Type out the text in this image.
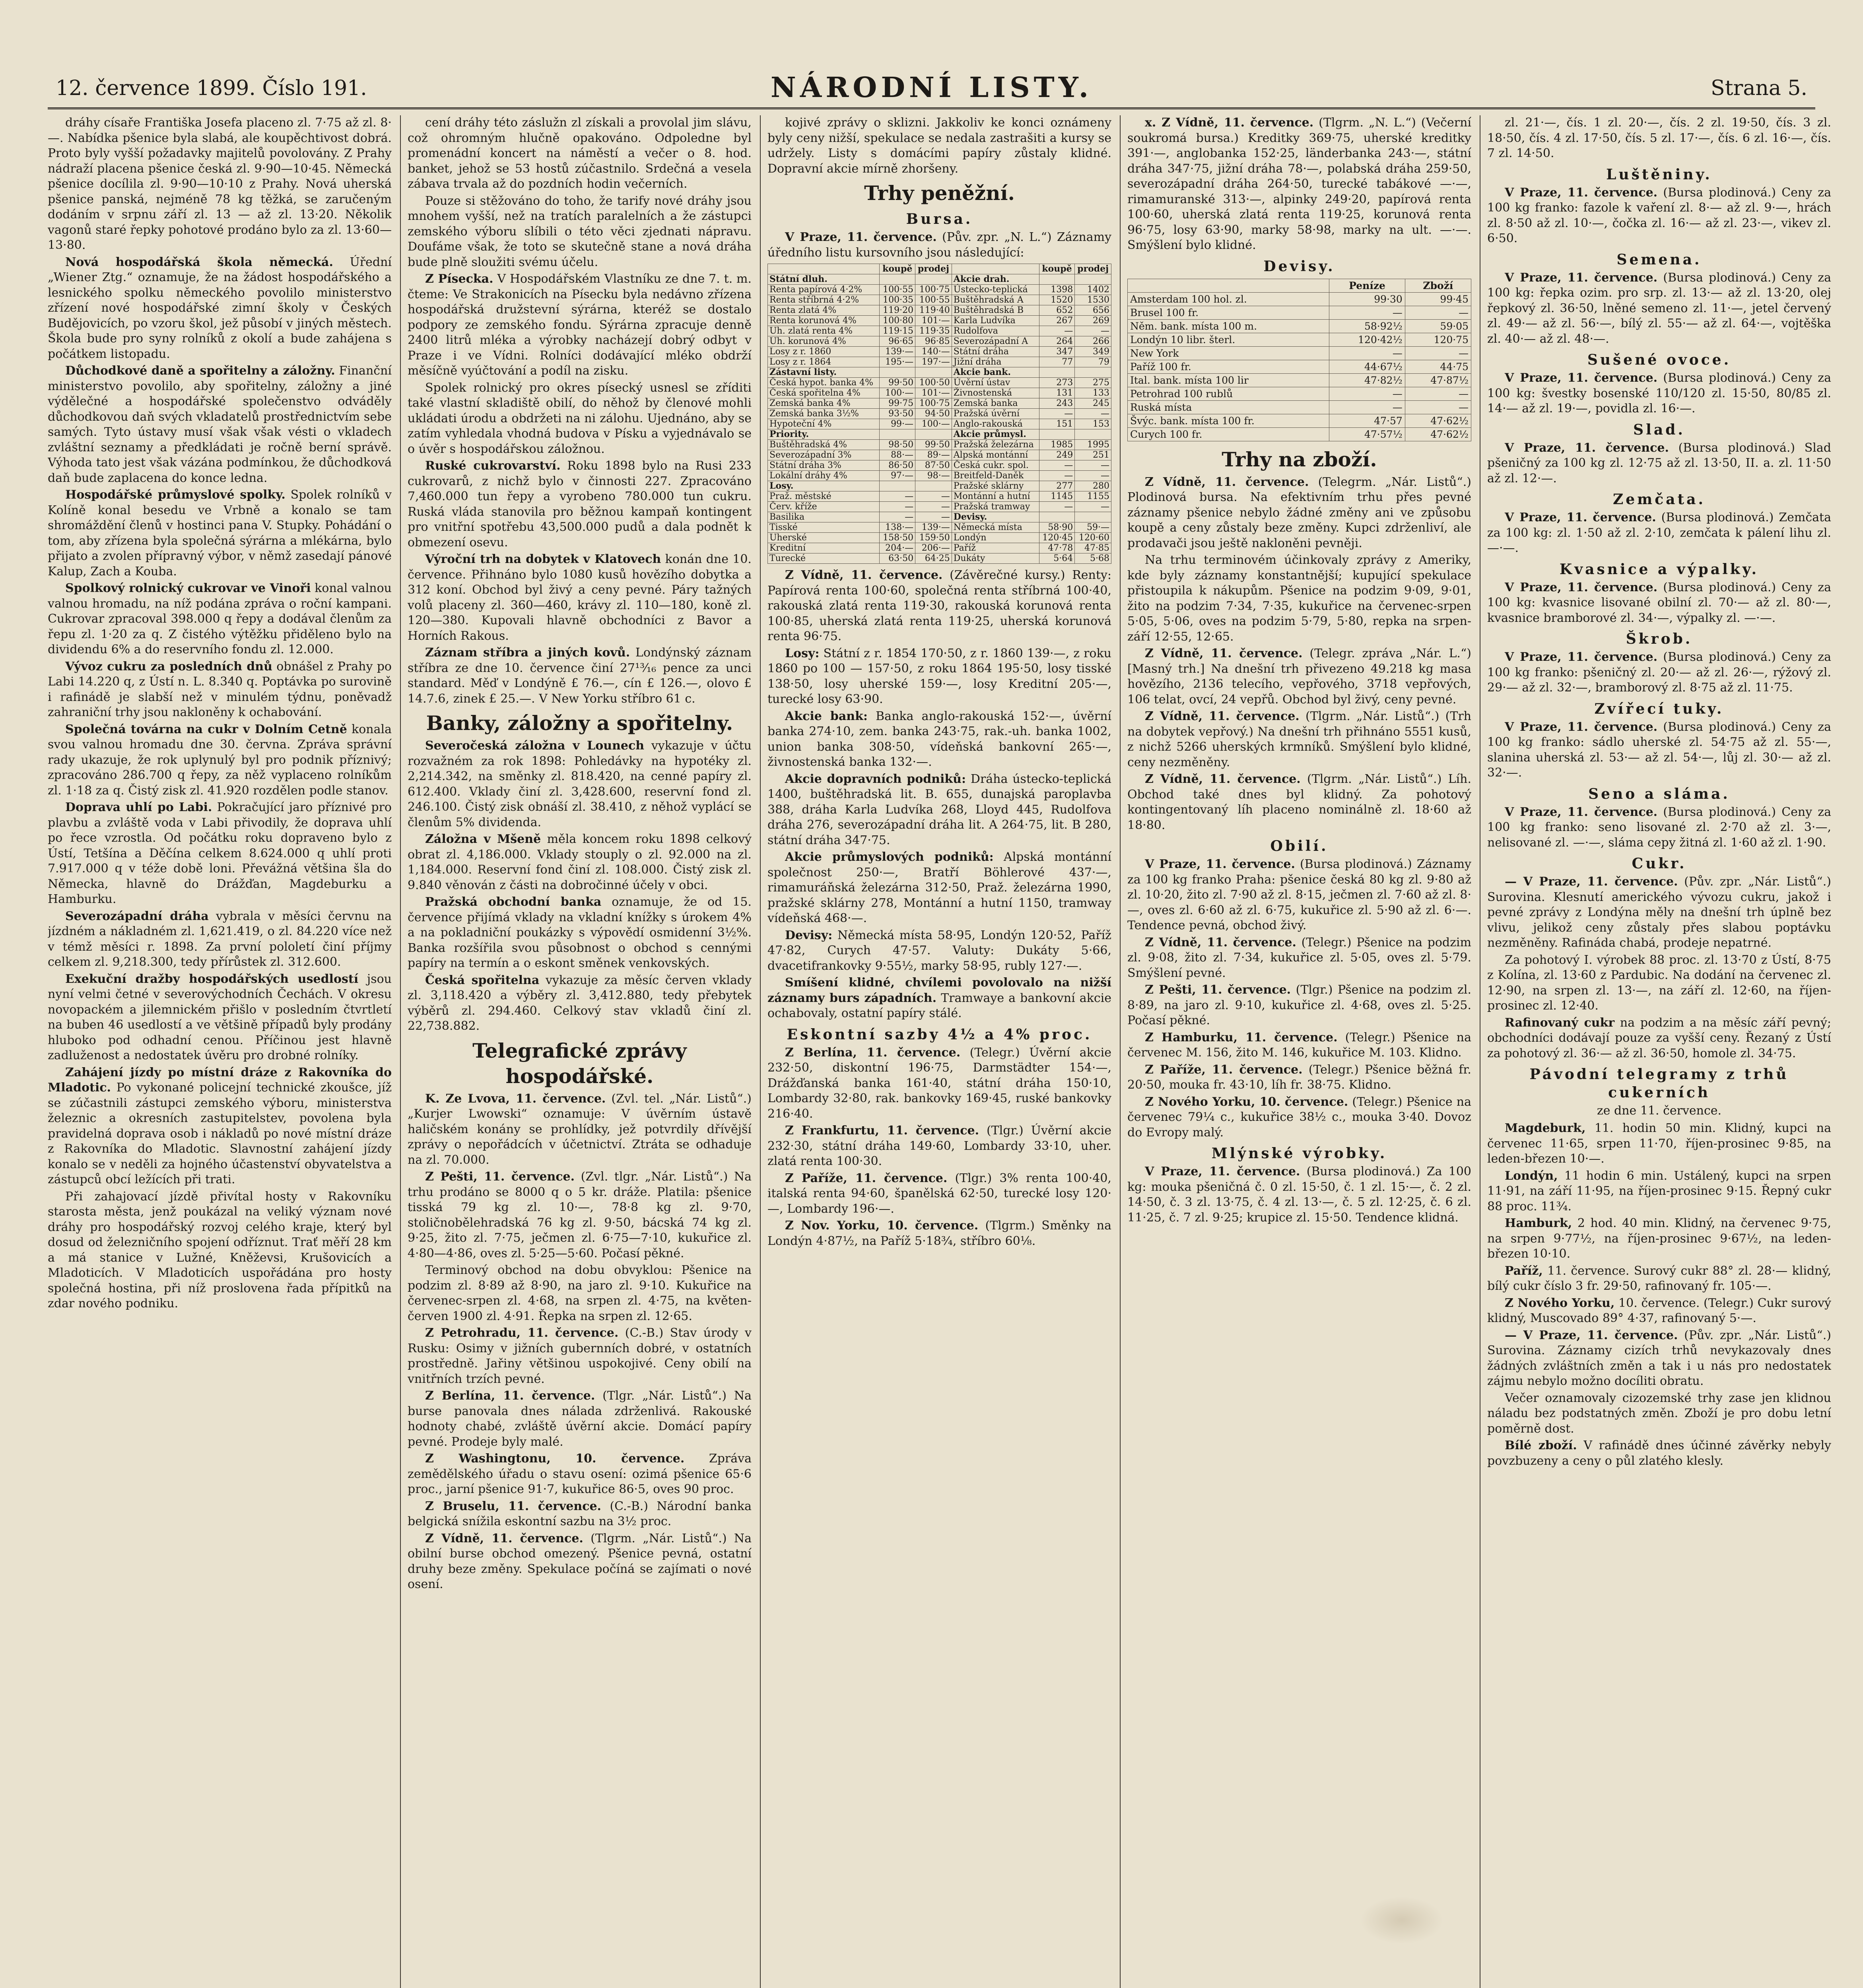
12. července 1899. Číslo 191.	NÁRODNÍ LISTY.	Strana 5.

dráhy císaře Františka Josefa placeno zl. 7·75 až zl. 8·—. Nabídka pšenice byla slabá, ale koupěchtivost dobrá. Proto byly vyšší požadavky majitelů povolovány. Z Prahy nádraží placena pšenice česká zl. 9·90—10·45. Německá pšenice docílila zl. 9·90—10·10 z Prahy. Nová uherská pšenice panská, nejméně 78 kg těžká, se zaručeným dodáním v srpnu září zl. 13 — až zl. 13·20. Několik vagonů staré řepky pohotové prodáno bylo za zl. 13·60—13·80.

Nová hospodářská škola německá. Úřední „Wiener Ztg.“ oznamuje, že na žádost hospodářského a lesnického spolku německého povolilo ministerstvo zřízení nové hospodářské zimní školy v Českých Budějovicích, po vzoru škol, jež působí v jiných městech. Škola bude pro syny rolníků z okolí a bude zahájena s počátkem listopadu.

Důchodkové daně a spořitelny a záložny. Finanční ministerstvo povolilo, aby spořitelny, záložny a jiné výdělečné a hospodářské společenstvo odváděly důchodkovou daň svých vkladatelů prostřednictvím sebe samých. Tyto ústavy musí však však vésti o vkladech zvláštní seznamy a předkládati je ročně berní správě. Výhoda tato jest však vázána podmínkou, že důchodková daň bude zaplacena do konce ledna.

Hospodářské průmyslové spolky. Spolek rolníků v Kolíně konal besedu ve Vrbně a konalo se tam shromáždění členů v hostinci pana V. Stupky. Pohádání o tom, aby zřízena byla společná sýrárna a mlékárna, bylo přijato a zvolen přípravný výbor, v němž zasedají pánové Kalup, Zach a Kouba.

Spolkový rolnický cukrovar ve Vinoři konal valnou valnou hromadu, na níž podána zpráva o roční kampani. Cukrovar zpracoval 398.000 q řepy a dodával členům za řepu zl. 1·20 za q. Z čistého výtěžku přiděleno bylo na dividendu 6% a do reservního fondu zl. 12.000.

Vývoz cukru za posledních dnů obnášel z Prahy po Labi 14.220 q, z Ústí n. L. 8.340 q. Poptávka po surovině i rafinádě je slabší než v minulém týdnu, poněvadž zahraniční trhy jsou nakloněny k ochabování.

Společná továrna na cukr v Dolním Cetně konala svou valnou hromadu dne 30. června. Zpráva správní rady ukazuje, že rok uplynulý byl pro podnik příznivý; zpracováno 286.700 q řepy, za něž vyplaceno rolníkům zl. 1·18 za q. Čistý zisk zl. 41.920 rozdělen podle stanov.

Doprava uhlí po Labi. Pokračující jaro příznivé pro plavbu a zvláště voda v Labi přivodily, že doprava uhlí po řece vzrostla. Od počátku roku dopraveno bylo z Ústí, Tetšína a Děčína celkem 8.624.000 q uhlí proti 7.917.000 q v téže době loni. Převážná většina šla do Německa, hlavně do Drážďan, Magdeburku a Hamburku.

Severozápadní dráha vybrala v měsíci červnu na jízdném a nákladném zl. 1,621.419, o zl. 84.220 více než v témž měsíci r. 1898. Za první pololetí činí příjmy celkem zl. 9,218.300, tedy přírůstek zl. 312.600.

Exekuční dražby hospodářských usedlostí jsou nyní velmi četné v severovýchodních Čechách. V okresu novopackém a jilemnickém přišlo v posledním čtvrtletí na buben 46 usedlostí a ve většině případů byly prodány hluboko pod odhadní cenou. Příčinou jest hlavně zadluženost a nedostatek úvěru pro drobné rolníky.

Zahájení jízdy po místní dráze z Rakovníka do Mladotic. Po vykonané policejní technické zkoušce, jíž se zúčastnili zástupci zemského výboru, ministerstva železnic a okresních zastupitelstev, povolena byla pravidelná doprava osob i nákladů po nové místní dráze z Rakovníka do Mladotic. Slavnostní zahájení jízdy konalo se v neděli za hojného účastenství obyvatelstva a zástupců obcí ležících při trati.

Při zahajovací jízdě přivítal hosty v Rakovníku starosta města, jenž poukázal na veliký význam nové dráhy pro hospodářský rozvoj celého kraje, který byl dosud od železničního spojení odříznut. Trať měří 28 km a má stanice v Lužné, Kněževsi, Krušovicích a Mladoticích. V Mladoticích uspořádána pro hosty společná hostina, při níž proslovena řada přípitků na zdar nového podniku.

cení dráhy této záslužn zl získali a provolal jim slávu, což ohromným hlučně opakováno. Odpoledne byl promenádní koncert na náměstí a večer o 8. hod. banket, jehož se 53 hostů zúčastnilo. Srdečná a vesela zábava trvala až do pozdních hodin večerních.

Pouze si stěžováno do toho, že tarify nové dráhy jsou mnohem vyšší, než na tratích paralelních a že zástupci zemského výboru slíbili o této věci zjednati nápravu. Doufáme však, že toto se skutečně stane a nová dráha bude plně sloužiti svému účelu.

Z Písecka. V Hospodářském Vlastníku ze dne 7. t. m. čteme: Ve Strakonicích na Písecku byla nedávno zřízena hospodářská družstevní sýrárna, kteréž se dostalo podpory ze zemského fondu. Sýrárna zpracuje denně 2400 litrů mléka a výrobky nacházejí dobrý odbyt v Praze i ve Vídni. Rolníci dodávající mléko obdrží měsíčně vyúčtování a podíl na zisku.

Spolek rolnický pro okres písecký usnesl se zříditi také vlastní skladiště obilí, do něhož by členové mohli ukládati úrodu a obdržeti na ni zálohu. Ujednáno, aby se zatím vyhledala vhodná budova v Písku a vyjednávalo se o úvěr s hospodářskou záložnou.

Ruské cukrovarství. Roku 1898 bylo na Rusi 233 cukrovarů, z nichž bylo v činnosti 227. Zpracováno 7,460.000 tun řepy a vyrobeno 780.000 tun cukru. Ruská vláda stanovila pro běžnou kampaň kontingent pro vnitřní spotřebu 43,500.000 pudů a dala podnět k obmezení osevu.

Výroční trh na dobytek v Klatovech konán dne 10. července. Přihnáno bylo 1080 kusů hovězího dobytka a 312 koní. Obchod byl živý a ceny pevné. Páry tažných volů placeny zl. 360—460, krávy zl. 110—180, koně zl. 120—380. Kupovali hlavně obchodníci z Bavor a Horních Rakous.

Záznam stříbra a jiných kovů. Londýnský záznam stříbra ze dne 10. července činí 27¹³⁄₁₆ pence za unci standard. Měď v Londýně £ 76.—, cín £ 126.—, olovo £ 14.7.6, zinek £ 25.—. V New Yorku stříbro 61 c.

Banky, záložny a spořitelny.

Severočeská záložna v Lounech vykazuje v účtu rozvažném za rok 1898: Pohledávky na hypotéky zl. 2,214.342, na směnky zl. 818.420, na cenné papíry zl. 612.400. Vklady činí zl. 3,428.600, reservní fond zl. 246.100. Čistý zisk obnáší zl. 38.410, z něhož vyplácí se členům 5% dividenda.

Záložna v Mšeně měla koncem roku 1898 celkový obrat zl. 4,186.000. Vklady stouply o zl. 92.000 na zl. 1,184.000. Reservní fond činí zl. 108.000. Čistý zisk zl. 9.840 věnován z části na dobročinné účely v obci.

Pražská obchodní banka oznamuje, že od 15. července přijímá vklady na vkladní knížky s úrokem 4% a na pokladniční poukázky s výpovědí osmidenní 3½%. Banka rozšířila svou působnost o obchod s cennými papíry na termín a o eskont směnek venkovských.

Česká spořitelna vykazuje za měsíc červen vklady zl. 3,118.420 a výběry zl. 3,412.880, tedy přebytek výběrů zl. 294.460. Celkový stav vkladů činí zl. 22,738.882.

Telegrafické zprávy hospodářské.

K. Ze Lvova, 11. července. (Zvl. tel. „Nár. Listů“.) „Kurjer Lwowski“ oznamuje: V úvěrním ústavě haličském konány se prohlídky, jež potvrdily dřívější zprávy o nepořádcích v účetnictví. Ztráta se odhaduje na zl. 70.000.

Z Pešti, 11. července. (Zvl. tlgr. „Nár. Listů“.) Na trhu prodáno se 8000 q o 5 kr. dráže. Platila: pšenice tisská 79 kg zl. 10·—, 78·8 kg zl. 9·70, stoličnobělehradská 76 kg zl. 9·50, bácská 74 kg zl. 9·25, žito zl. 7·75, ječmen zl. 6·75—7·10, kukuřice zl. 4·80—4·86, oves zl. 5·25—5·60. Počasí pěkné.

Terminový obchod na dobu obvyklou: Pšenice na podzim zl. 8·89 až 8·90, na jaro zl. 9·10. Kukuřice na červenec-srpen zl. 4·68, na srpen zl. 4·75, na květen-červen 1900 zl. 4·91. Řepka na srpen zl. 12·65.

Z Petrohradu, 11. července. (C.-B.) Stav úrody v Rusku: Osimy v jižních gubernních dobré, v ostatních prostředně. Jařiny většinou uspokojivé. Ceny obilí na vnitřních trzích pevné.

Z Berlína, 11. července. (Tlgr. „Nár. Listů“.) Na burse panovala dnes nálada zdrženlivá. Rakouské hodnoty chabé, zvláště úvěrní akcie. Domácí papíry pevné. Prodeje byly malé.

Z Washingtonu, 10. července. Zpráva zemědělského úřadu o stavu osení: ozimá pšenice 65·6 proc., jarní pšenice 91·7, kukuřice 86·5, oves 90 proc.

Z Bruselu, 11. července. (C.-B.) Národní banka belgická snížila eskontní sazbu na 3½ proc.

Z Vídně, 11. července. (Tlgrm. „Nár. Listů“.) Na obilní burse obchod omezený. Pšenice pevná, ostatní druhy beze změny. Spekulace počíná se zajímati o nové osení.

kojivé zprávy o sklizni. Jakkoliv ke konci oznámeny byly ceny nižší, spekulace se nedala zastrašiti a kursy se udržely. Listy s domácími papíry zůstaly klidné. Dopravní akcie mírně zhoršeny.

Trhy peněžní.
Bursa.

V Praze, 11. července. (Pův. zpr. „N. L.“) Záznamy úředního listu kursovního jsou následující:

	koupě	prodej		koupě	prodej
Státní dluh.			Akcie drah.		
Renta papírová 4·2%	100·55	100·75	Ústecko-teplická	1398	1402
Renta stříbrná 4·2%	100·35	100·55	Buštěhradská A	1520	1530
Renta zlatá 4%	119·20	119·40	Buštěhradská B	652	656
Renta korunová 4%	100·80	101·—	Karla Ludvíka	267	269
Uh. zlatá renta 4%	119·15	119·35	Rudolfova	—	—
Uh. korunová 4%	96·65	96·85	Severozápadní A	264	266
Losy z r. 1860	139·—	140·—	Státní dráha	347	349
Losy z r. 1864	195·—	197·—	Jižní dráha	77	79
Zástavní listy.			Akcie bank.		
Česká hypot. banka 4%	99·50	100·50	Úvěrní ústav	273	275
Česká spořitelna 4%	100·—	101·—	Živnostenská	131	133
Zemská banka 4%	99·75	100·75	Zemská banka	243	245
Zemská banka 3½%	93·50	94·50	Pražská úvěrní	—	—
Hypoteční 4%	99·—	100·—	Anglo-rakouská	151	153
Priority.			Akcie průmysl.		
Buštěhradská 4%	98·50	99·50	Pražská železárna	1985	1995
Severozápadní 3%	88·—	89·—	Alpská montánní	249	251
Státní dráha 3%	86·50	87·50	Česká cukr. spol.	—	—
Lokální dráhy 4%	97·—	98·—	Breitfeld-Daněk	—	—
Losy.			Pražské sklárny	277	280
Praž. městské	—	—	Montánní a hutní	1145	1155
Červ. kříže	—	—	Pražská tramway	—	—
Basilika	—	—	Devisy.		
Tisské	138·—	139·—	Německá místa	58·90	59·—
Uherské	158·50	159·50	Londýn	120·45	120·60
Kreditní	204·—	206·—	Paříž	47·78	47·85
Turecké	63·50	64·25	Dukáty	5·64	5·68

Z Vídně, 11. července. (Závěrečné kursy.) Renty: Papírová renta 100·60, společná renta stříbrná 100·40, rakouská zlatá renta 119·30, rakouská korunová renta 100·85, uherská zlatá renta 119·25, uherská korunová renta 96·75.

Losy: Státní z r. 1854 170·50, z r. 1860 139·—, z roku 1860 po 100 — 157·50, z roku 1864 195·50, losy tisské 138·50, losy uherské 159·—, losy Kreditní 205·—, turecké losy 63·90.

Akcie bank: Banka anglo-rakouská 152·—, úvěrní banka 274·10, zem. banka 243·75, rak.-uh. banka 1002, union banka 308·50, vídeňská bankovní 265·—, živnostenská banka 132·—.

Akcie dopravních podniků: Dráha ústecko-teplická 1400, buštěhradská lit. B. 655, dunajská paroplavba 388, dráha Karla Ludvíka 268, Lloyd 445, Rudolfova dráha 276, severozápadní dráha lit. A 264·75, lit. B 280, státní dráha 347·75.

Akcie průmyslových podniků: Alpská montánní společnost 250·—, Bratří Böhlerové 437·—, rimamuráňská železárna 312·50, Praž. železárna 1990, pražské sklárny 278, Montánní a hutní 1150, tramway vídeňská 468·—.

Devisy: Německá místa 58·95, Londýn 120·52, Paříž 47·82, Curych 47·57. Valuty: Dukáty 5·66, dvacetifrankovky 9·55½, marky 58·95, rubly 127·—.

Smíšení klidné, chvílemi povolovalo na nižší záznamy burs západních. Tramwaye a bankovní akcie ochabovaly, ostatní papíry stálé.

Eskontní sazby 4½ a 4% proc.

Z Berlína, 11. července. (Telegr.) Úvěrní akcie 232·50, diskontní 196·75, Darmstädter 154·—, Drážďanská banka 161·40, státní dráha 150·10, Lombardy 32·80, rak. bankovky 169·45, ruské bankovky 216·40.

Z Frankfurtu, 11. července. (Tlgr.) Úvěrní akcie 232·30, státní dráha 149·60, Lombardy 33·10, uher. zlatá renta 100·30.

Z Paříže, 11. července. (Tlgr.) 3% renta 100·40, italská renta 94·60, španělská 62·50, turecké losy 120·—, Lombardy 196·—.

Z Nov. Yorku, 10. července. (Tlgrm.) Směnky na Londýn 4·87½, na Paříž 5·18¾, stříbro 60⅛.

x. Z Vídně, 11. července. (Tlgrm. „N. L.“) (Večerní soukromá bursa.) Kreditky 369·75, uherské kreditky 391·—, anglobanka 152·25, länderbanka 243·—, státní dráha 347·75, jižní dráha 78·—, polabská dráha 259·50, severozápadní dráha 264·50, turecké tabákové —·—, rimamuranské 313·—, alpinky 249·20, papírová renta 100·60, uherská zlatá renta 119·25, korunová renta 96·75, losy 63·90, marky 58·98, marky na ult. —·—. Smýšlení bylo klidné.

Devisy.
	Peníze	Zboží
Amsterdam 100 hol. zl.	99·30	99·45
Brusel 100 fr.	—	—
Něm. bank. místa 100 m.	58·92½	59·05
Londýn 10 libr. šterl.	120·42½	120·75
New York	—	—
Paříž 100 fr.	44·67½	44·75
Ital. bank. místa 100 lir	47·82½	47·87½
Petrohrad 100 rublů	—	—
Ruská místa	—	—
Švýc. bank. místa 100 fr.	47·57	47·62½
Curych 100 fr.	47·57½	47·62½
Trhy na zboží.

Z Vídně, 11. července. (Telegrm. „Nár. Listů“.) Plodinová bursa. Na efektivním trhu přes pevné záznamy pšenice nebylo žádné změny ani ve způsobu koupě a ceny zůstaly beze změny. Kupci zdrženliví, ale prodavači jsou ještě nakloněni pevněji.

Na trhu terminovém účinkovaly zprávy z Ameriky, kde byly záznamy konstantnější; kupující spekulace přistoupila k nákupům. Pšenice na podzim 9·09, 9·01, žito na podzim 7·34, 7·35, kukuřice na červenec-srpen 5·05, 5·06, oves na podzim 5·79, 5·80, repka na srpen-září 12·55, 12·65.

Z Vídně, 11. července. (Telegr. zpráva „Nár. L.“) [Masný trh.] Na dnešní trh přivezeno 49.218 kg masa hovězího, 2136 telecího, vepřového, 3718 vepřových, 106 telat, ovcí, 24 vepřů. Obchod byl živý, ceny pevné.

Z Vídně, 11. července. (Tlgrm. „Nár. Listů“.) (Trh na dobytek vepřový.) Na dnešní trh přihnáno 5551 kusů, z nichž 5266 uherských krmníků. Smýšlení bylo klidné, ceny nezměněny.

Z Vídně, 11. července. (Tlgrm. „Nár. Listů“.) Líh. Obchod také dnes byl klidný. Za pohotový kontingentovaný líh placeno nominálně zl. 18·60 až 18·80.

Obilí.

V Praze, 11. července. (Bursa plodinová.) Záznamy za 100 kg franko Praha: pšenice česká 80 kg zl. 9·80 až zl. 10·20, žito zl. 7·90 až zl. 8·15, ječmen zl. 7·60 až zl. 8·—, oves zl. 6·60 až zl. 6·75, kukuřice zl. 5·90 až zl. 6·—. Tendence pevná, obchod živý.

Z Vídně, 11. července. (Telegr.) Pšenice na podzim zl. 9·08, žito zl. 7·34, kukuřice zl. 5·05, oves zl. 5·79. Smýšlení pevné.

Z Pešti, 11. července. (Tlgr.) Pšenice na podzim zl. 8·89, na jaro zl. 9·10, kukuřice zl. 4·68, oves zl. 5·25. Počasí pěkné.

Z Hamburku, 11. července. (Telegr.) Pšenice na červenec M. 156, žito M. 146, kukuřice M. 103. Klidno.

Z Paříže, 11. července. (Telegr.) Pšenice běžná fr. 20·50, mouka fr. 43·10, líh fr. 38·75. Klidno.

Z Nového Yorku, 10. července. (Telegr.) Pšenice na červenec 79¼ c., kukuřice 38½ c., mouka 3·40. Dovoz do Evropy malý.

Mlýnské výrobky.

V Praze, 11. července. (Bursa plodinová.) Za 100 kg: mouka pšeničná č. 0 zl. 15·50, č. 1 zl. 15·—, č. 2 zl. 14·50, č. 3 zl. 13·75, č. 4 zl. 13·—, č. 5 zl. 12·25, č. 6 zl. 11·25, č. 7 zl. 9·25; krupice zl. 15·50. Tendence klidná.

zl. 21·—, čís. 1 zl. 20·—, čís. 2 zl. 19·50, čís. 3 zl. 18·50, čís. 4 zl. 17·50, čís. 5 zl. 17·—, čís. 6 zl. 16·—, čís. 7 zl. 14·50.

Luštěniny.

V Praze, 11. července. (Bursa plodinová.) Ceny za 100 kg franko: fazole k vaření zl. 8·— až zl. 9·—, hrách zl. 8·50 až zl. 10·—, čočka zl. 16·— až zl. 23·—, vikev zl. 6·50.

Semena.

V Praze, 11. července. (Bursa plodinová.) Ceny za 100 kg: řepka ozim. pro srp. zl. 13·— až zl. 13·20, olej řepkový zl. 36·50, lněné semeno zl. 11·—, jetel červený zl. 49·— až zl. 56·—, bílý zl. 55·— až zl. 64·—, vojtěška zl. 40·— až zl. 48·—.

Sušené ovoce.

V Praze, 11. července. (Bursa plodinová.) Ceny za 100 kg: švestky bosenské 110/120 zl. 15·50, 80/85 zl. 14·— až zl. 19·—, povidla zl. 16·—.

Slad.

V Praze, 11. července. (Bursa plodinová.) Slad pšeničný za 100 kg zl. 12·75 až zl. 13·50, II. a. zl. 11·50 až zl. 12·—.

Zemčata.

V Praze, 11. července. (Bursa plodinová.) Zemčata za 100 kg: zl. 1·50 až zl. 2·10, zemčata k pálení lihu zl. —·—.

Kvasnice a výpalky.

V Praze, 11. července. (Bursa plodinová.) Ceny za 100 kg: kvasnice lisované obilní zl. 70·— až zl. 80·—, kvasnice bramborové zl. 34·—, výpalky zl. —·—.

Škrob.

V Praze, 11. července. (Bursa plodinová.) Ceny za 100 kg franko: pšeničný zl. 20·— až zl. 26·—, rýžový zl. 29·— až zl. 32·—, bramborový zl. 8·75 až zl. 11·75.

Zvířecí tuky.

V Praze, 11. července. (Bursa plodinová.) Ceny za 100 kg franko: sádlo uherské zl. 54·75 až zl. 55·—, slanina uherská zl. 53·— až zl. 54·—, lůj zl. 30·— až zl. 32·—.

Seno a sláma.

V Praze, 11. července. (Bursa plodinová.) Ceny za 100 kg franko: seno lisované zl. 2·70 až zl. 3·—, nelisované zl. —·—, sláma cepy žitná zl. 1·60 až zl. 1·90.

Cukr.

— V Praze, 11. července. (Pův. zpr. „Nár. Listů“.) Surovina. Klesnutí amerického vývozu cukru, jakož i pevné zprávy z Londýna měly na dnešní trh úplně bez vlivu, jelikož ceny zůstaly přes slabou poptávku nezměněny. Rafináda chabá, prodeje nepatrné.

Za pohotový I. výrobek 88 proc. zl. 13·70 z Ústí, 8·75 z Kolína, zl. 13·60 z Pardubic. Na dodání na červenec zl. 12·90, na srpen zl. 13·—, na září zl. 12·60, na říjen-prosinec zl. 12·40.

Rafinovaný cukr na podzim a na měsíc září pevný; obchodníci dodávají pouze za vyšší ceny. Řezaný z Ústí za pohotový zl. 36·— až zl. 36·50, homole zl. 34·75.

Pávodní telegramy z trhů cukerních
ze dne 11. července.

Magdeburk, 11. hodin 50 min. Klidný, kupci na červenec 11·65, srpen 11·70, říjen-prosinec 9·85, na leden-březen 10·—.

Londýn, 11 hodin 6 min. Ustálený, kupci na srpen 11·91, na září 11·95, na říjen-prosinec 9·15. Řepný cukr 88 proc. 11¾.

Hamburk, 2 hod. 40 min. Klidný, na červenec 9·75, na srpen 9·77½, na říjen-prosinec 9·67½, na leden-březen 10·10.

Paříž, 11. července. Surový cukr 88° zl. 28·— klidný, bílý cukr číslo 3 fr. 29·50, rafinovaný fr. 105·—.

Z Nového Yorku, 10. července. (Telegr.) Cukr surový klidný, Muscovado 89° 4·37, rafinovaný 5·—.

— V Praze, 11. července. (Pův. zpr. „Nár. Listů“.) Surovina. Záznamy cizích trhů nevykazovaly dnes žádných zvláštních změn a tak i u nás pro nedostatek zájmu nebylo možno docíliti obratu.

Večer oznamovaly cizozemské trhy zase jen klidnou náladu bez podstatných změn. Zboží je pro dobu letní poměrně dost.

Bílé zboží. V rafinádě dnes účinné závěrky nebyly povzbuzeny a ceny o půl zlatého klesly.
